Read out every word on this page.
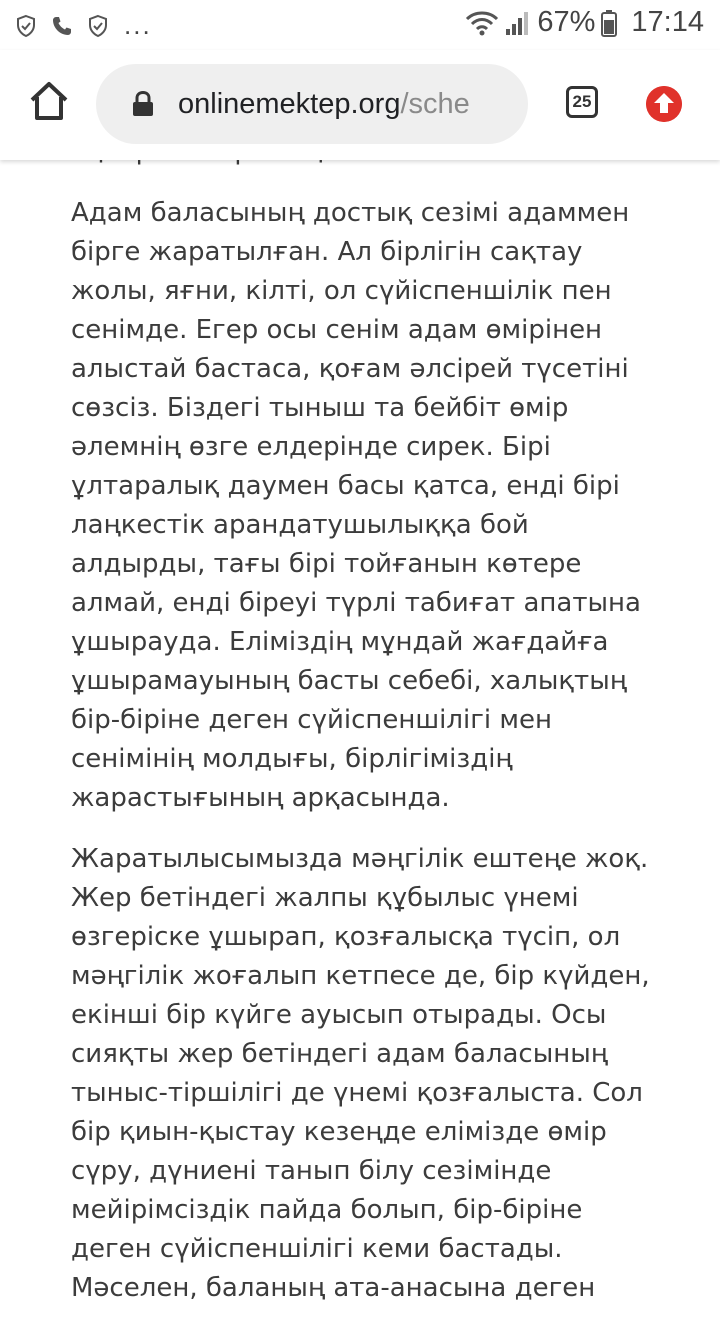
...	67% 17:14
onlinemektep.org/sche	25

Адам баласының достық сезімі адаммен
бірге жаратылған. Ал бірлігін сақтау
жолы, яғни, кілті, ол сүйіспеншілік пен
сенімде. Егер осы сенім адам өмірінен
алыстай бастаса, қоғам әлсірей түсетіні
сөзсіз. Біздегі тыныш та бейбіт өмір
әлемнің өзге елдерінде сирек. Бірі
ұлтаралық даумен басы қатса, енді бірі
лаңкестік арандатушылыққа бой
алдырды, тағы бірі тойғанын көтере
алмай, енді біреуі түрлі табиғат апатына
ұшырауда. Еліміздің мұндай жағдайға
ұшырамауының басты себебі, халықтың
бір-біріне деген сүйіспеншілігі мен
сенімінің молдығы, бірлігіміздің
жарастығының арқасында.

Жаратылысымызда мәңгілік ештеңе жоқ.
Жер бетіндегі жалпы құбылыс үнемі
өзгеріске ұшырап, қозғалысқа түсіп, ол
мәңгілік жоғалып кетпесе де, бір күйден,
екінші бір күйге ауысып отырады. Осы
сияқты жер бетіндегі адам баласының
тыныс-тіршілігі де үнемі қозғалыста. Сол
бір қиын-қыстау кезеңде елімізде өмір
сүру, дүниені танып білу сезімінде
мейірімсіздік пайда болып, бір-біріне
деген сүйіспеншілігі кеми бастады.
Мәселен, баланың ата-анасына деген
